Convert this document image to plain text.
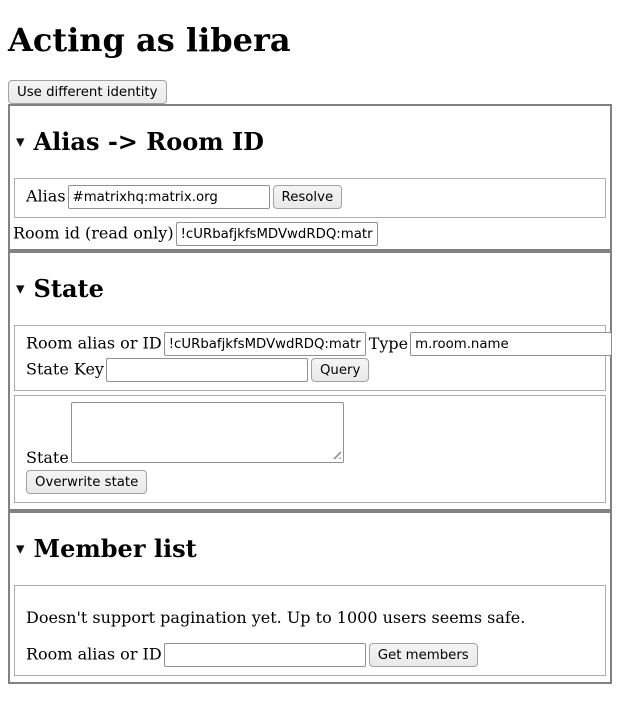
Acting as libera
Use different identity
▾ Alias -> Room ID
Alias#matrixhq:matrix.org	Resolve
Room id (read only)!cURbafjkfsMDVwdRDQ:matrix.
▾ State
Room alias or ID!cURbafjkfsMDVwdRDQ:matrix.	Typem.room.name
State Key	Query
State
Overwrite state
▾ Member list

Doesn't support pagination yet. Up to 1000 users seems safe.

Room alias or ID	Get members
